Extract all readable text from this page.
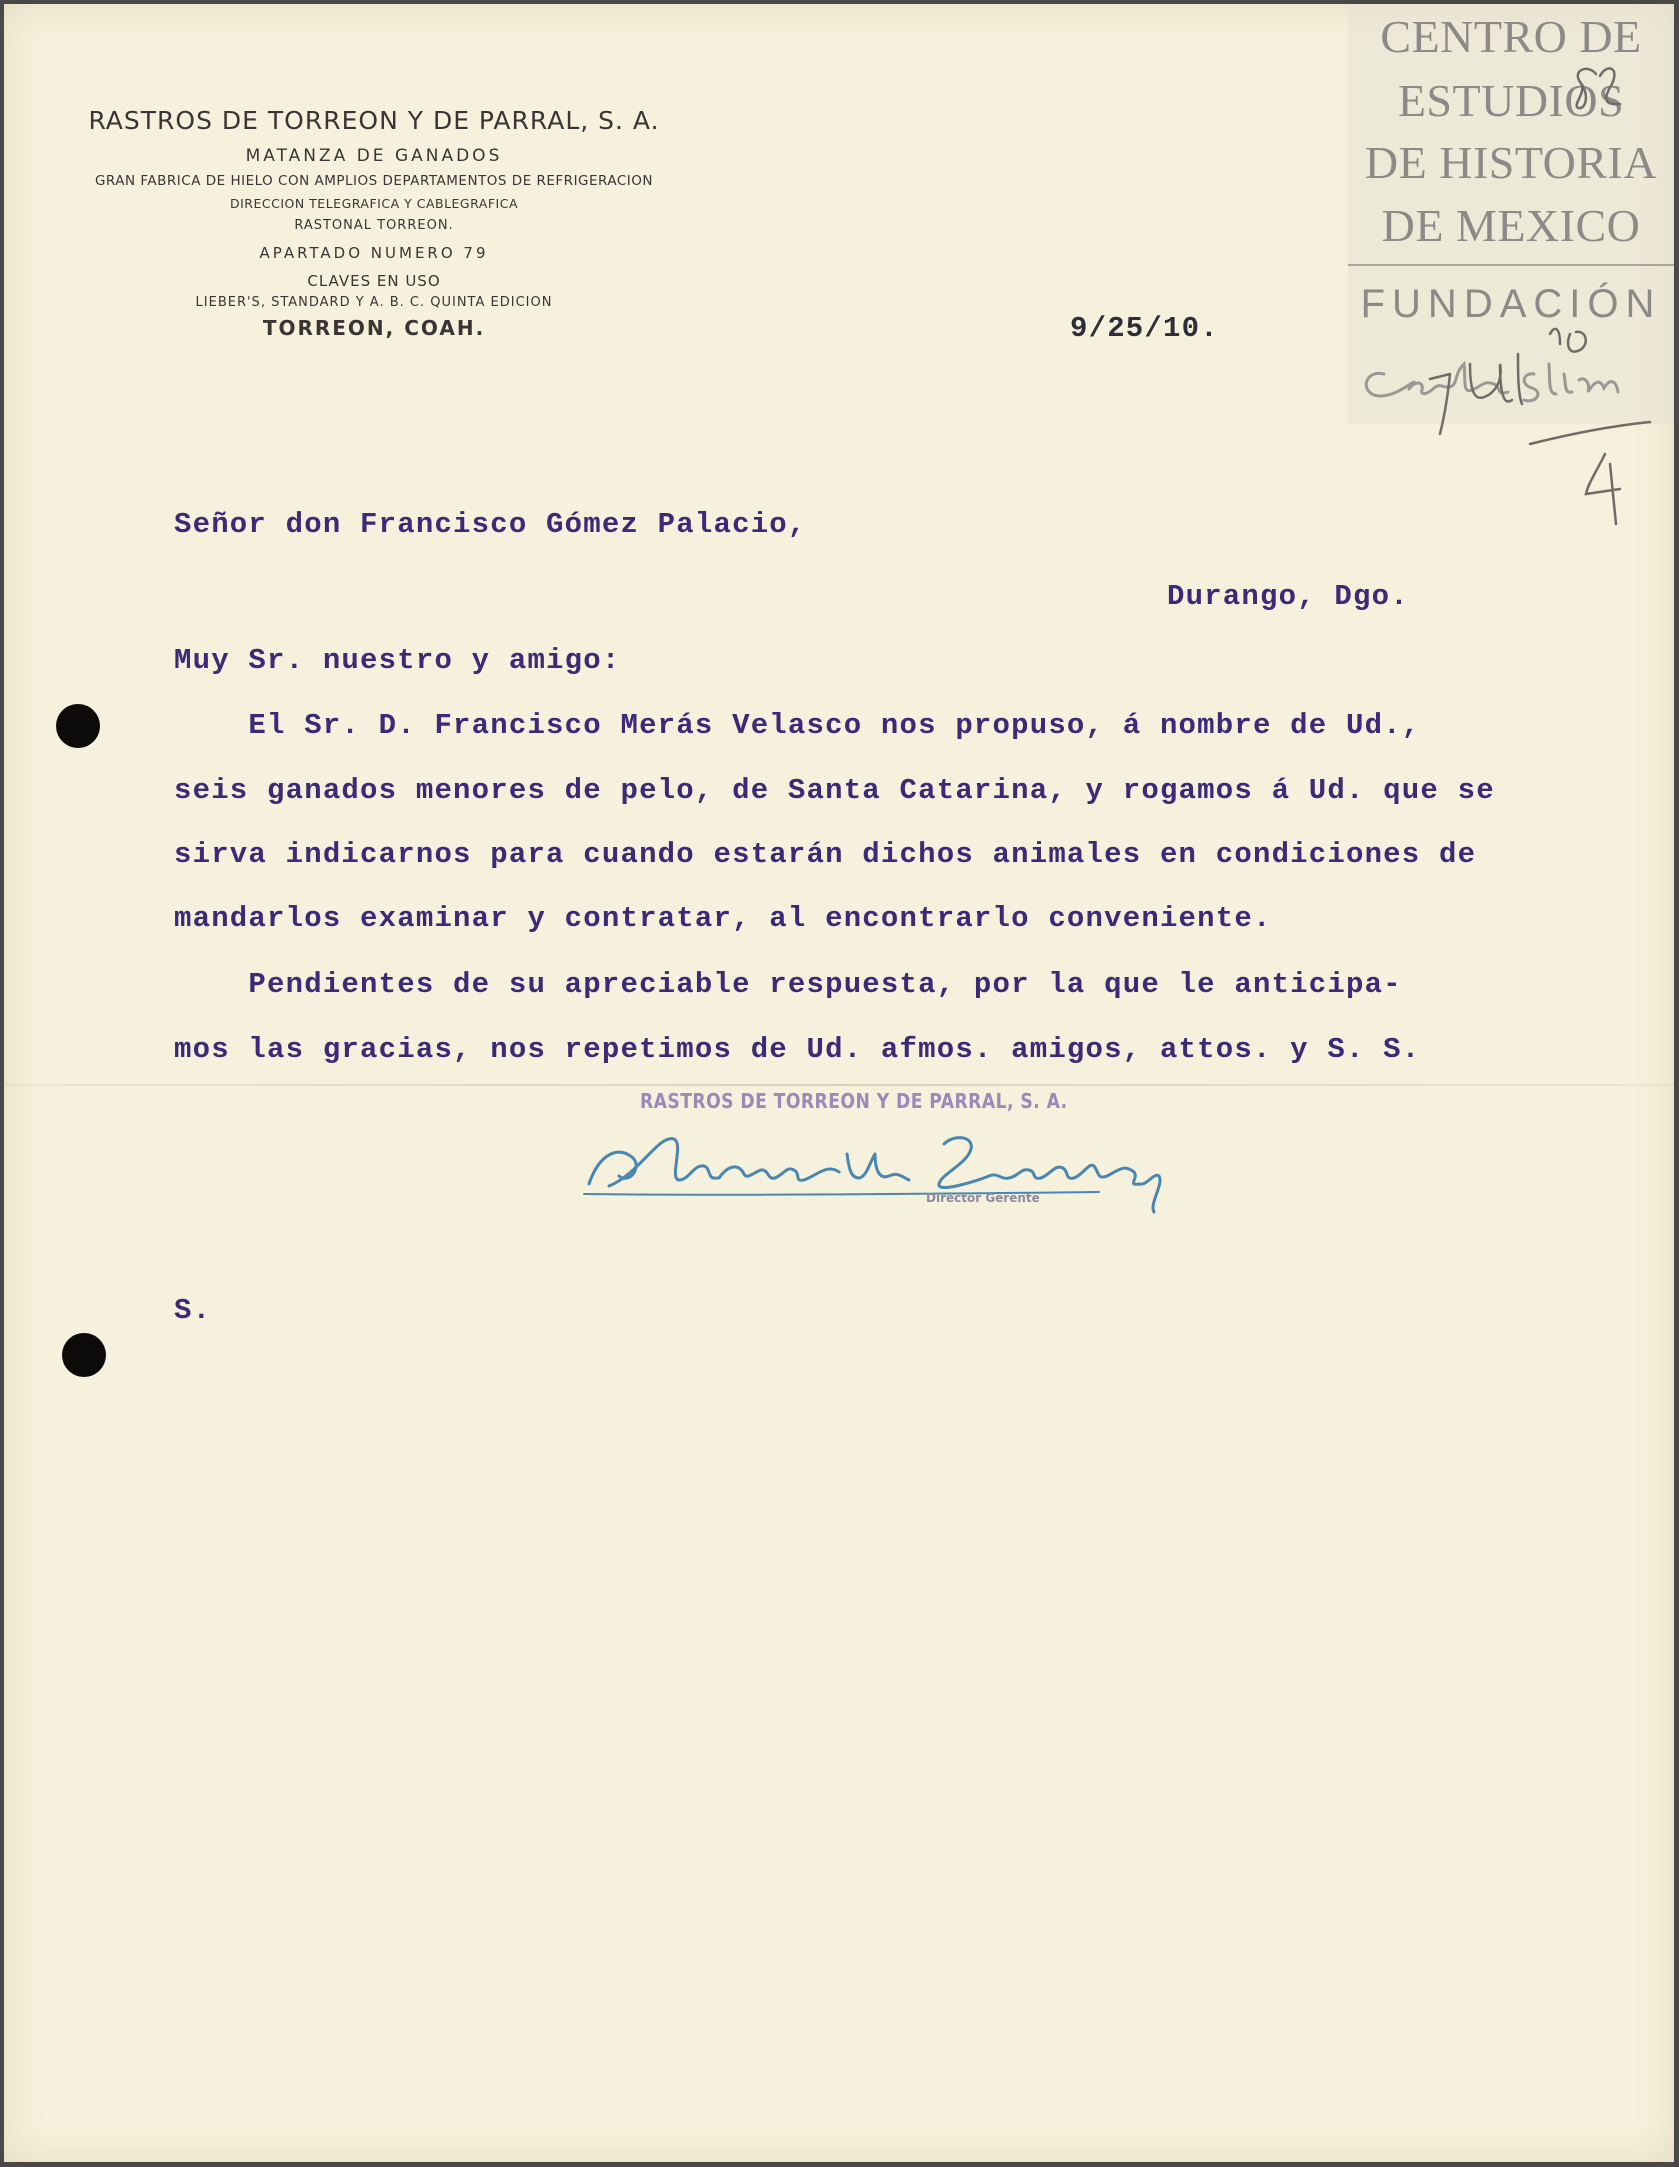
RASTROS DE TORREON Y DE PARRAL, S. A.
MATANZA DE GANADOS
GRAN FABRICA DE HIELO CON AMPLIOS DEPARTAMENTOS DE REFRIGERACION
DIRECCION TELEGRAFICA Y CABLEGRAFICA
RASTONAL TORREON.
APARTADO NUMERO 79
CLAVES EN USO
LIEBER'S, STANDARD Y A. B. C. QUINTA EDICION
TORREON, COAH.	9/25/10.
Señor don Francisco Gómez Palacio,
Durango, Dgo.
Muy Sr. nuestro y amigo:
El Sr. D. Francisco Merás Velasco nos propuso, á nombre de Ud.,
seis ganados menores de pelo, de Santa Catarina, y rogamos á Ud. que se
sirva indicarnos para cuando estarán dichos animales en condiciones de
mandarlos examinar y contratar, al encontrarlo conveniente.
Pendientes de su apreciable respuesta, por la que le anticipa-
mos las gracias, nos repetimos de Ud. afmos. amigos, attos. y S. S.
RASTROS DE TORREON Y DE PARRAL, S. A.
Director Gerente
S.
CENTRO DE
ESTUDIOS
DE HISTORIA
DE MEXICO
FUNDACIÓN
